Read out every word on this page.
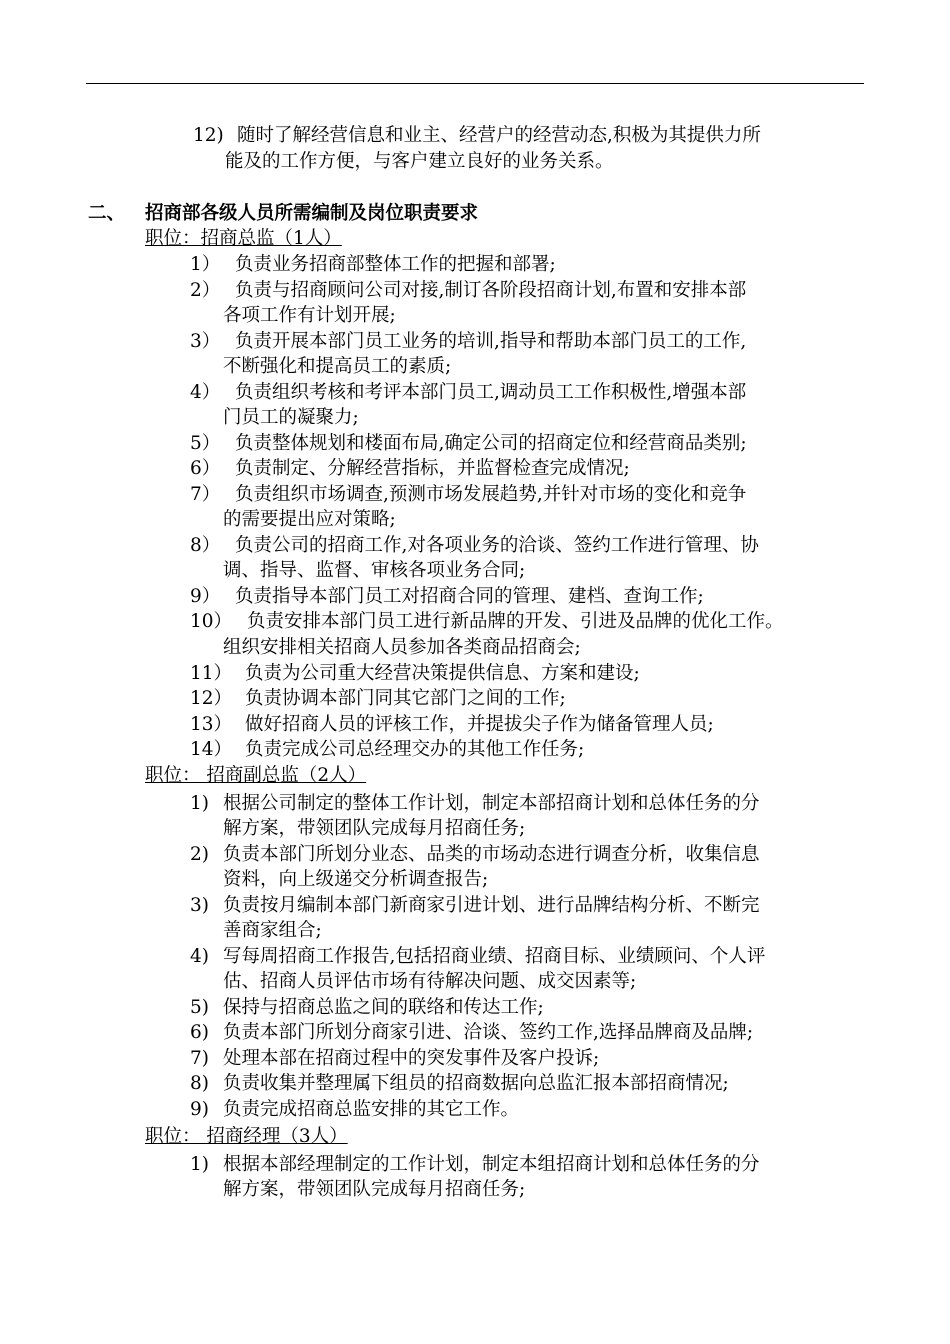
12) 随时了解经营信息和业主、经营户的经营动态,积极为其提供力所
能及的工作方便，与客户建立良好的业务关系。
二、 招商部各级人员所需编制及岗位职责要求
职位：招商总监（1人）
1） 负责业务招商部整体工作的把握和部署;
2） 负责与招商顾问公司对接,制订各阶段招商计划,布置和安排本部
各项工作有计划开展;
3） 负责开展本部门员工业务的培训,指导和帮助本部门员工的工作,
不断强化和提高员工的素质;
4） 负责组织考核和考评本部门员工,调动员工工作积极性,增强本部
门员工的凝聚力;
5） 负责整体规划和楼面布局,确定公司的招商定位和经营商品类别;
6） 负责制定、分解经营指标，并监督检查完成情况;
7） 负责组织市场调查,预测市场发展趋势,并针对市场的变化和竞争
的需要提出应对策略;
8） 负责公司的招商工作,对各项业务的洽谈、签约工作进行管理、协
调、指导、监督、审核各项业务合同;
9） 负责指导本部门员工对招商合同的管理、建档、查询工作;
10） 负责安排本部门员工进行新品牌的开发、引进及品牌的优化工作。
组织安排相关招商人员参加各类商品招商会;
11） 负责为公司重大经营决策提供信息、方案和建设;
12） 负责协调本部门同其它部门之间的工作;
13） 做好招商人员的评核工作，并提拔尖子作为储备管理人员;
14） 负责完成公司总经理交办的其他工作任务;
职位： 招商副总监（2人）
1) 根据公司制定的整体工作计划，制定本部招商计划和总体任务的分
解方案，带领团队完成每月招商任务;
2) 负责本部门所划分业态、品类的市场动态进行调查分析，收集信息
资料，向上级递交分析调查报告;
3) 负责按月编制本部门新商家引进计划、进行品牌结构分析、不断完
善商家组合;
4) 写每周招商工作报告,包括招商业绩、招商目标、业绩顾问、个人评
估、招商人员评估市场有待解决问题、成交因素等;
5) 保持与招商总监之间的联络和传达工作;
6) 负责本部门所划分商家引进、洽谈、签约工作,选择品牌商及品牌;
7) 处理本部在招商过程中的突发事件及客户投诉;
8) 负责收集并整理属下组员的招商数据向总监汇报本部招商情况;
9) 负责完成招商总监安排的其它工作。
职位： 招商经理（3人）
1) 根据本部经理制定的工作计划，制定本组招商计划和总体任务的分
解方案，带领团队完成每月招商任务;
